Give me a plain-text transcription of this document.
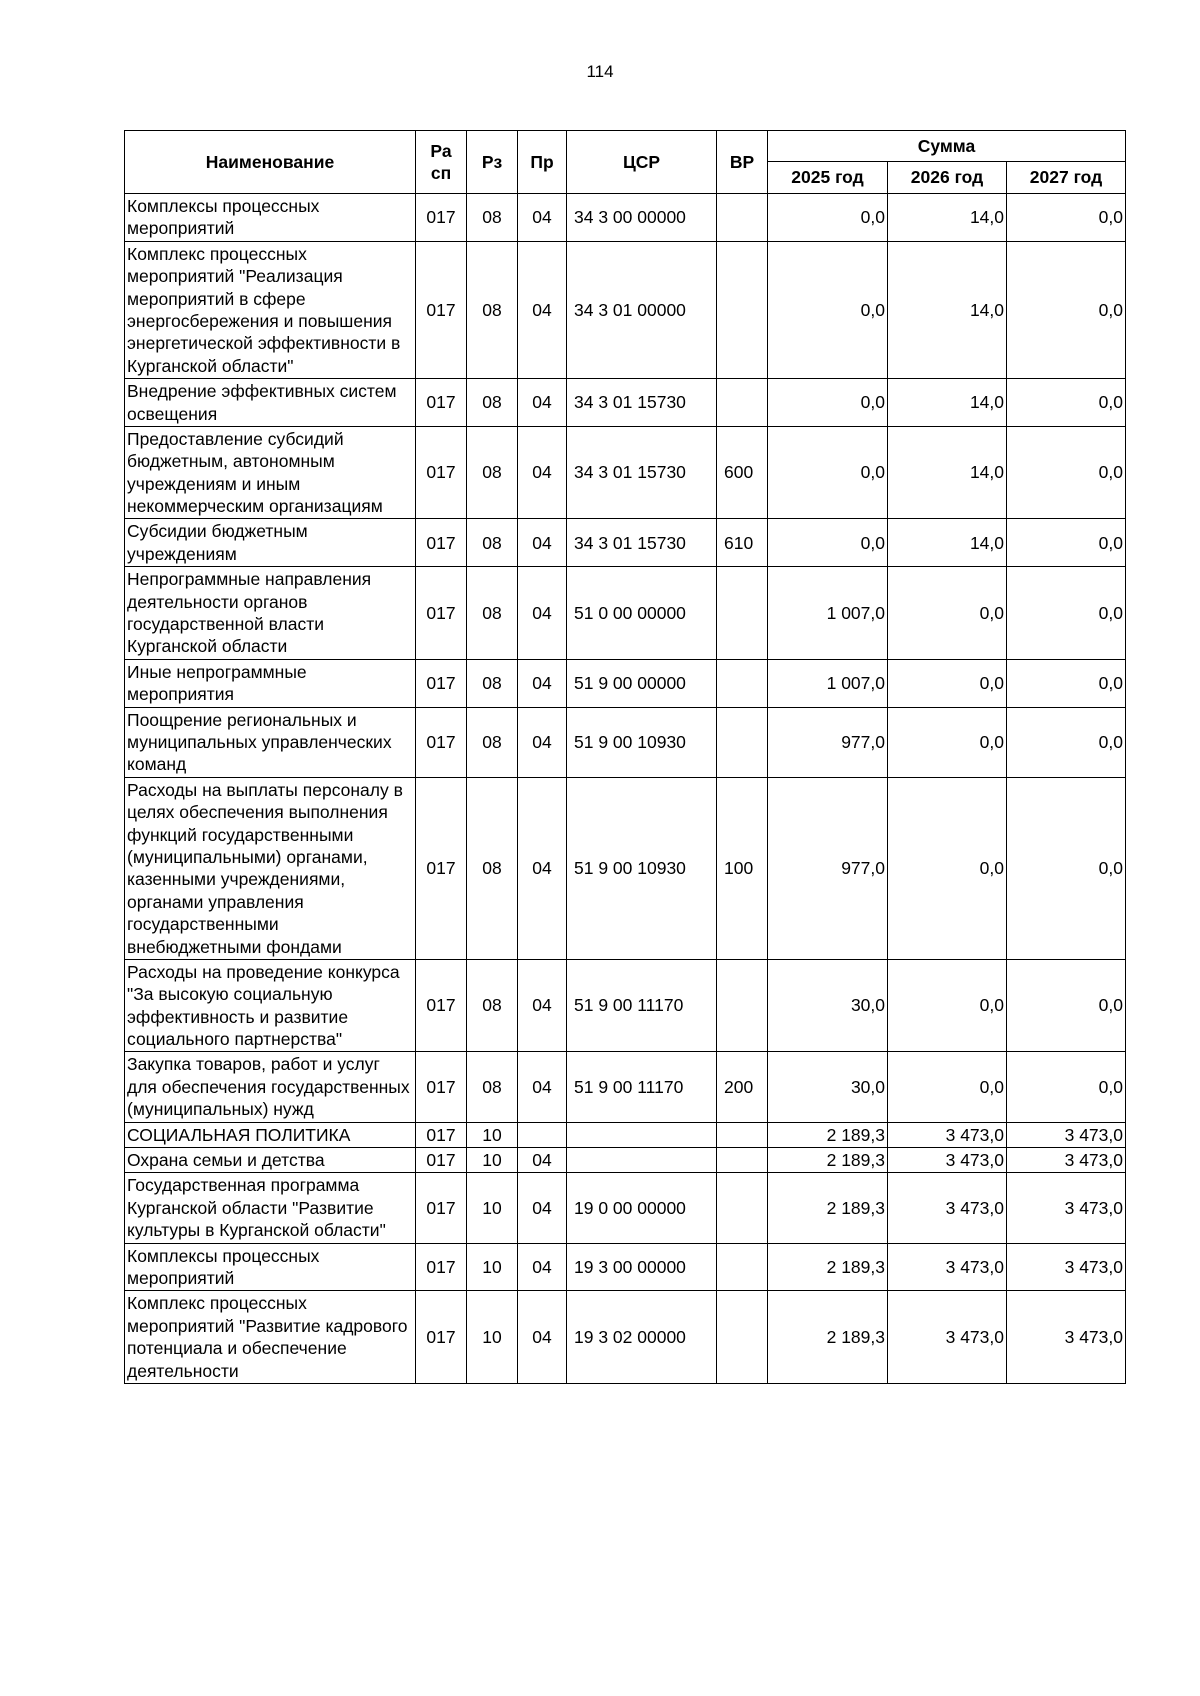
114
Наименование	Ра сп	Рз	Пр	ЦСР	ВР	Сумма		
						2025 год	2026 год	2027 год
Комплексы процессных мероприятий	017	08	04	34 3 00 00000		0,0	14,0	0,0
Комплекс процессных мероприятий "Реализация мероприятий в сфере энергосбережения и повышения энергетической эффективности в Курганской области"	017	08	04	34 3 01 00000		0,0	14,0	0,0
Внедрение эффективных систем освещения	017	08	04	34 3 01 15730		0,0	14,0	0,0
Предоставление субсидий бюджетным, автономным учреждениям и иным некоммерческим организациям	017	08	04	34 3 01 15730	600	0,0	14,0	0,0
Субсидии бюджетным учреждениям	017	08	04	34 3 01 15730	610	0,0	14,0	0,0
Непрограммные направления деятельности органов государственной власти Курганской области	017	08	04	51 0 00 00000		1 007,0	0,0	0,0
Иные непрограммные мероприятия	017	08	04	51 9 00 00000		1 007,0	0,0	0,0
Поощрение региональных и муниципальных управленческих команд	017	08	04	51 9 00 10930		977,0	0,0	0,0
Расходы на выплаты персоналу в целях обеспечения выполнения функций государственными (муниципальными) органами, казенными учреждениями, органами управления государственными внебюджетными фондами	017	08	04	51 9 00 10930	100	977,0	0,0	0,0
Расходы на проведение конкурса "За высокую социальную эффективность и развитие социального партнерства"	017	08	04	51 9 00 11170		30,0	0,0	0,0
Закупка товаров, работ и услуг для обеспечения государственных (муниципальных) нужд	017	08	04	51 9 00 11170	200	30,0	0,0	0,0
СОЦИАЛЬНАЯ ПОЛИТИКА	017	10				2 189,3	3 473,0	3 473,0
Охрана семьи и детства	017	10	04			2 189,3	3 473,0	3 473,0
Государственная программа Курганской области "Развитие культуры в Курганской области"	017	10	04	19 0 00 00000		2 189,3	3 473,0	3 473,0
Комплексы процессных мероприятий	017	10	04	19 3 00 00000		2 189,3	3 473,0	3 473,0
Комплекс процессных мероприятий "Развитие кадрового потенциала и обеспечение деятельности	017	10	04	19 3 02 00000		2 189,3	3 473,0	3 473,0
